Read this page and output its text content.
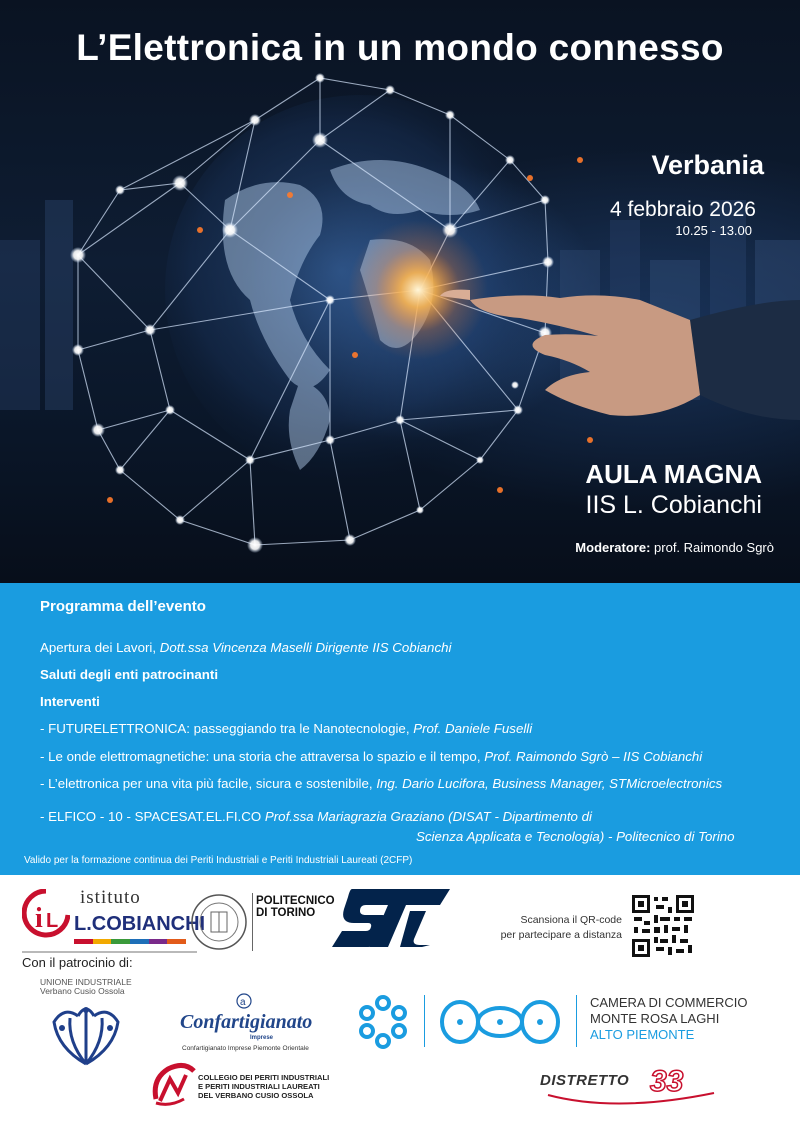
L’Elettronica in un mondo connesso
Verbania
4 febbraio 2026
10.25 - 13.00
AULA MAGNA
IIS L. Cobianchi
Moderatore: prof. Raimondo Sgrò
Programma dell’evento
Apertura dei Lavori, Dott.ssa Vincenza Maselli Dirigente IIS Cobianchi
Saluti degli enti patrocinanti
Interventi
- FUTURELETTRONICA: passeggiando tra le Nanotecnologie, Prof. Daniele Fuselli
- Le onde elettromagnetiche: una storia che attraversa lo spazio e il tempo, Prof. Raimondo Sgrò – IIS Cobianchi
- L’elettronica per una vita più facile, sicura e sostenibile, Ing. Dario Lucifora, Business Manager, STMicroelectronics
- ELFICO - 10 - SPACESAT.EL.FI.CO Prof.ssa Mariagrazia Graziano (DISAT - Dipartimento di
Scienza Applicata e Tecnologia) - Politecnico di Torino
Valido per la formazione continua dei Periti Industriali e Periti Industriali Laureati (2CFP)
i L
istituto
L.COBIANCHI
POLITECNICO
DI TORINO
Scansiona il QR-code
per partecipare a distanza
Con il patrocinio di:
UNIONE INDUSTRIALE
Verbano Cusio Ossola
a
Confartigianato
Imprese
Confartigianato Imprese Piemonte Orientale
CAMERA DI COMMERCIO
MONTE ROSA LAGHI
ALTO PIEMONTE
COLLEGIO DEI PERITI INDUSTRIALI
E PERITI INDUSTRIALI LAUREATI
DEL VERBANO CUSIO OSSOLA
DISTRETTO 33
